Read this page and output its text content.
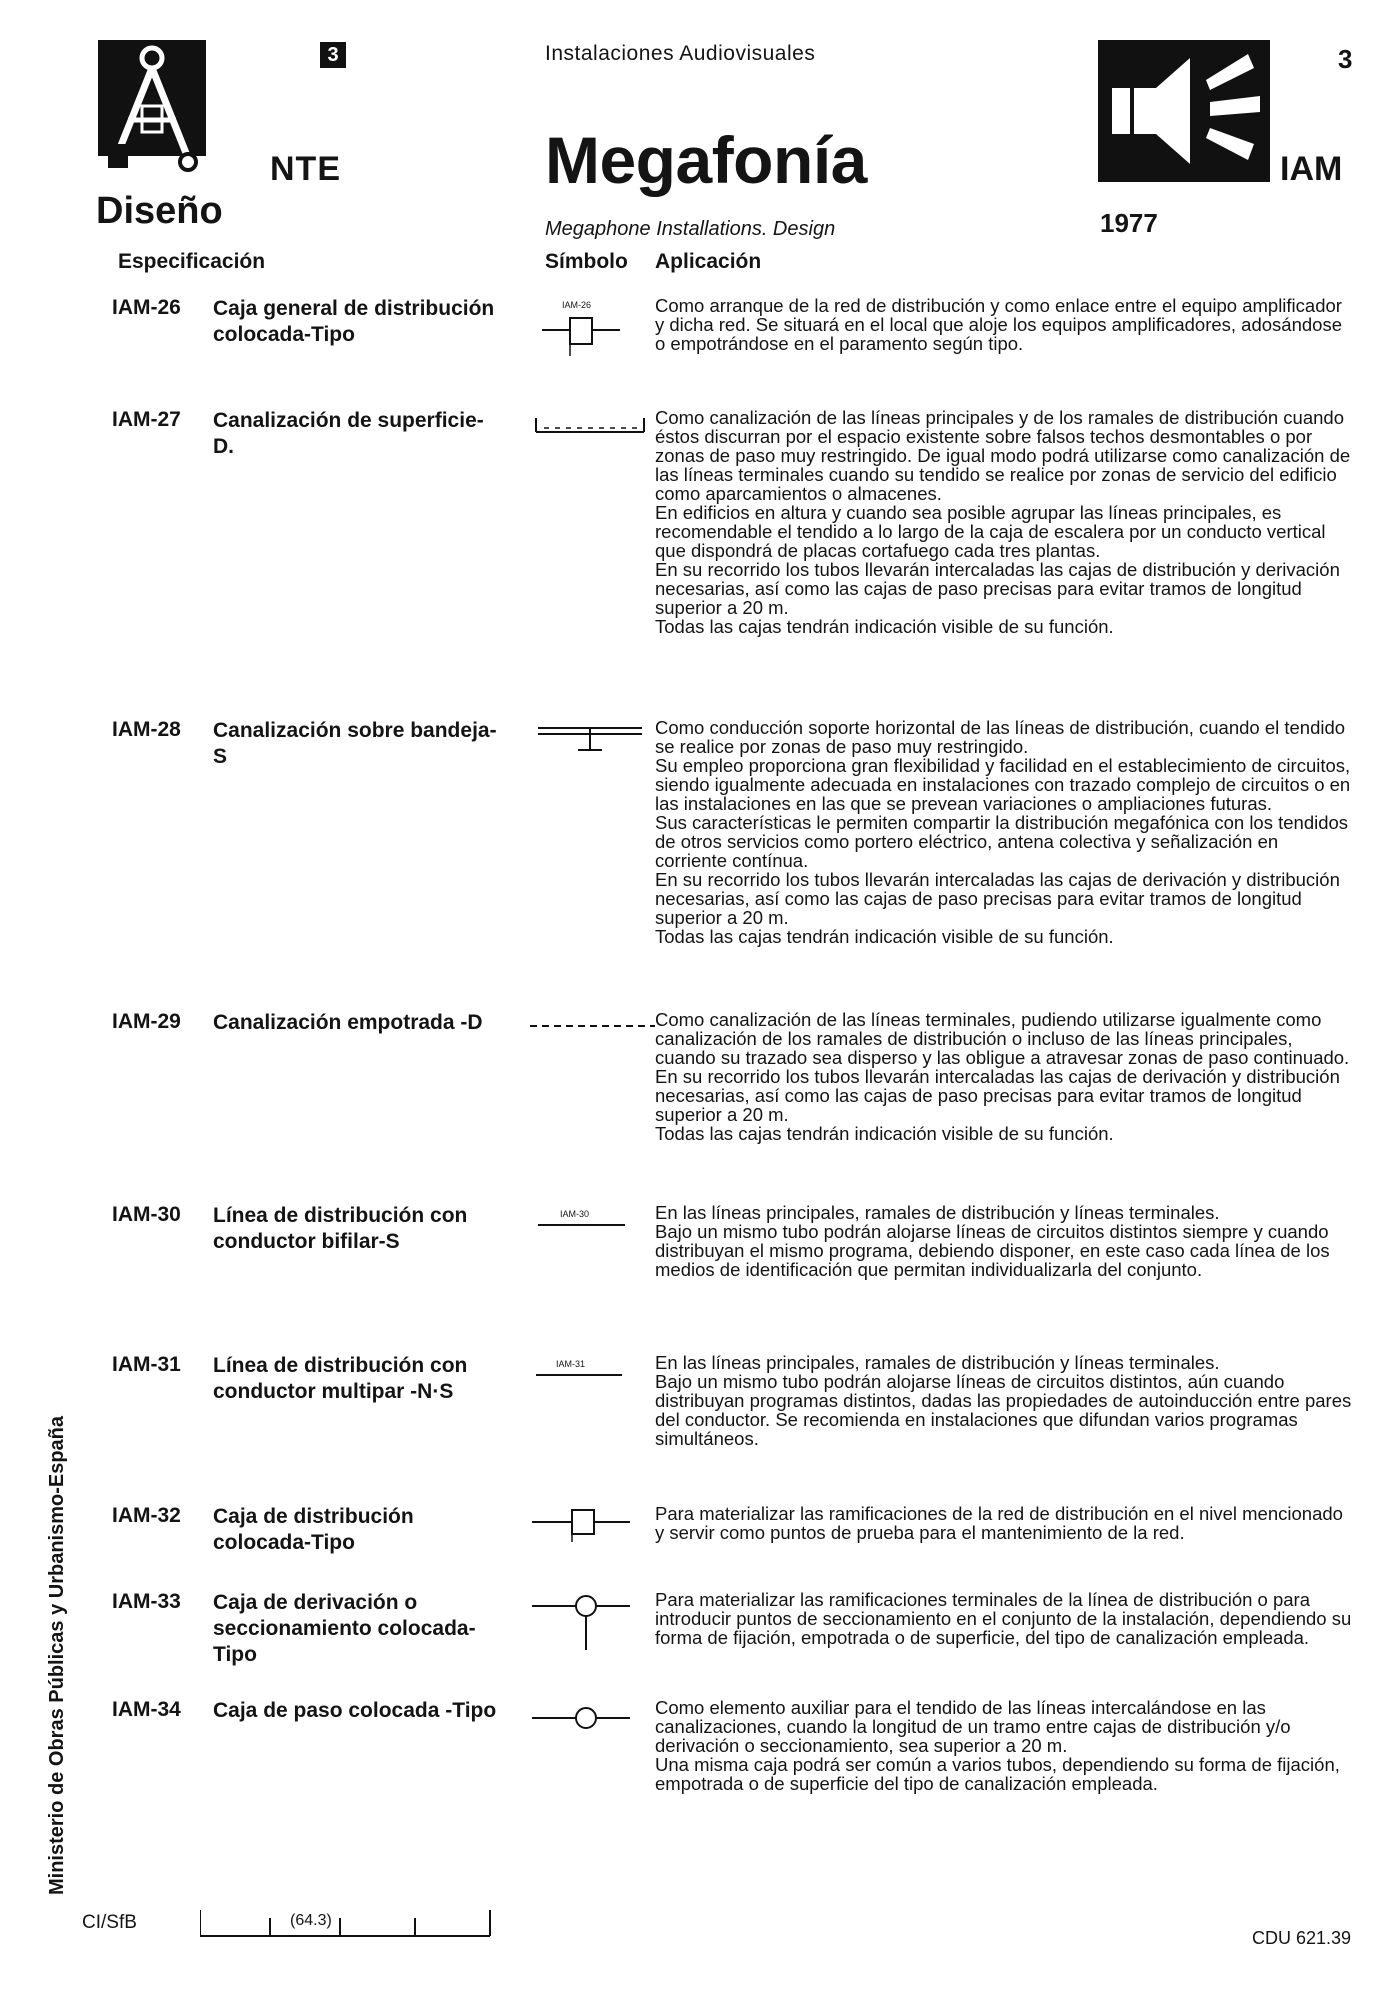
3
NTE
Diseño
Instalaciones Audiovisuales
Megafonía
Megaphone Installations. Design
3
IAM
1977
Especificación	Símbolo Aplicación
IAM-26 Caja general de distribución colocada-Tipo
IAM-26	Como arranque de la red de distribución y como enlace entre el equipo amplificador y dicha red. Se situará en el local que aloje los equipos amplificadores, adosándose o empotrándose en el paramento según tipo.
IAM-27 Canalización de superficie-D.
Como canalización de las líneas principales y de los ramales de distribución cuando éstos discurran por el espacio existente sobre falsos techos desmontables o por zonas de paso muy restringido. De igual modo podrá utilizarse como canalización de las líneas terminales cuando su tendido se realice por zonas de servicio del edificio como aparcamientos o almacenes.
En edificios en altura y cuando sea posible agrupar las líneas principales, es recomendable el tendido a lo largo de la caja de escalera por un conducto vertical que dispondrá de placas cortafuego cada tres plantas.
En su recorrido los tubos llevarán intercaladas las cajas de distribución y derivación necesarias, así como las cajas de paso precisas para evitar tramos de longitud superior a 20 m.
Todas las cajas tendrán indicación visible de su función.
IAM-28 Canalización sobre bandeja-S
Como conducción soporte horizontal de las líneas de distribución, cuando el tendido se realice por zonas de paso muy restringido.
Su empleo proporciona gran flexibilidad y facilidad en el establecimiento de circuitos, siendo igualmente adecuada en instalaciones con trazado complejo de circuitos o en las instalaciones en las que se prevean variaciones o ampliaciones futuras.
Sus características le permiten compartir la distribución megafónica con los tendidos de otros servicios como portero eléctrico, antena colectiva y señalización en corriente contínua.
En su recorrido los tubos llevarán intercaladas las cajas de derivación y distribución necesarias, así como las cajas de paso precisas para evitar tramos de longitud superior a 20 m.
Todas las cajas tendrán indicación visible de su función.
IAM-29 Canalización empotrada -D	Como canalización de las líneas terminales, pudiendo utilizarse igualmente como canalización de los ramales de distribución o incluso de las líneas principales, cuando su trazado sea disperso y las obligue a atravesar zonas de paso continuado.
En su recorrido los tubos llevarán intercaladas las cajas de derivación y distribución necesarias, así como las cajas de paso precisas para evitar tramos de longitud superior a 20 m.
Todas las cajas tendrán indicación visible de su función.
IAM-30 Línea de distribución con conductor bifilar-S
IAM-30	En las líneas principales, ramales de distribución y líneas terminales.
Bajo un mismo tubo podrán alojarse líneas de circuitos distintos siempre y cuando distribuyan el mismo programa, debiendo disponer, en este caso cada línea de los medios de identificación que permitan individualizarla del conjunto.
IAM-31 Línea de distribución con conductor multipar -N·S
IAM-31	En las líneas principales, ramales de distribución y líneas terminales.
Bajo un mismo tubo podrán alojarse líneas de circuitos distintos, aún cuando distribuyan programas distintos, dadas las propiedades de autoinducción entre pares del conductor. Se recomienda en instalaciones que difundan varios programas simultáneos.
IAM-32 Caja de distribución colocada-Tipo
Para materializar las ramificaciones de la red de distribución en el nivel mencionado y servir como puntos de prueba para el mantenimiento de la red.
IAM-33 Caja de derivación o seccionamiento colocada-Tipo
Para materializar las ramificaciones terminales de la línea de distribución o para introducir puntos de seccionamiento en el conjunto de la instalación, dependiendo su forma de fijación, empotrada o de superficie, del tipo de canalización empleada.
IAM-34 Caja de paso colocada -Tipo	Como elemento auxiliar para el tendido de las líneas intercalándose en las canalizaciones, cuando la longitud de un tramo entre cajas de distribución y/o derivación o seccionamiento, sea superior a 20 m.
Una misma caja podrá ser común a varios tubos, dependiendo su forma de fijación, empotrada o de superficie del tipo de canalización empleada.
Ministerio de Obras Públicas y Urbanismo-España
CI/SfB	(64.3)
CDU 621.39
